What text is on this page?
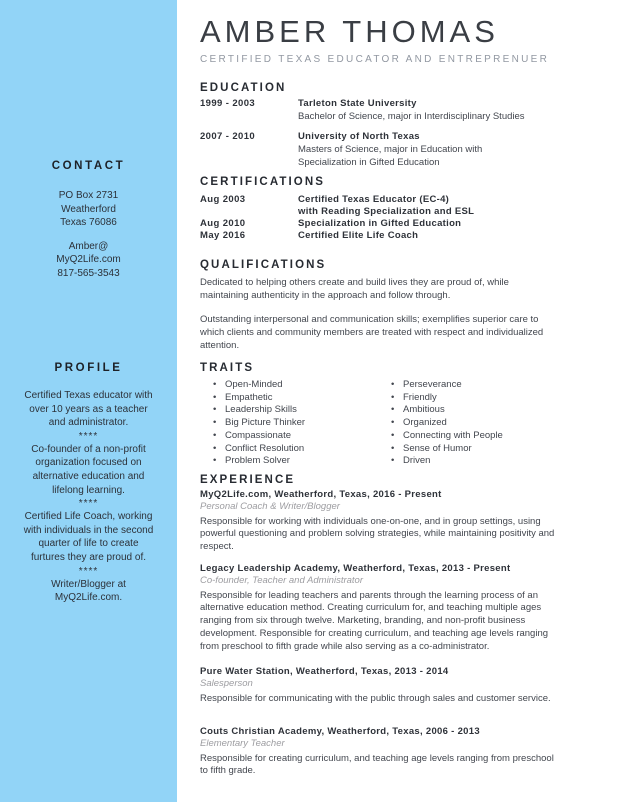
CONTACT
PO Box 2731
Weatherford
Texas 76086
Amber@
MyQ2Life.com
817-565-3543
PROFILE
Certified Texas educator with over 10 years as a teacher and administrator.
****
Co-founder of a non-profit organization focused on alternative education and lifelong learning.
****
Certified Life Coach, working with individuals in the second quarter of life to create furtures they are proud of.
****
Writer/Blogger at MyQ2Life.com.
AMBER THOMAS
CERTIFIED TEXAS EDUCATOR AND ENTREPRENUER
EDUCATION
1999 - 2003	Tarleton State University
Bachelor of Science, major in Interdisciplinary Studies
2007 - 2010	University of North Texas
Masters of Science, major in Education with
Specialization in Gifted Education
CERTIFICATIONS
Aug 2003	Certified Texas Educator (EC-4)
with Reading Specialization and ESL
Aug 2010	Specialization in Gifted Education
May 2016	Certified Elite Life Coach
QUALIFICATIONS
Dedicated to helping others create and build lives they are proud of, while maintaining authenticity in the approach and follow through.
Outstanding interpersonal and communication skills; exemplifies superior care to which clients and community members are treated with respect and individualized attention.
TRAITS
• Open-Minded
• Empathetic
• Leadership Skills
• Big Picture Thinker
• Compassionate
• Conflict Resolution
• Problem Solver
• Perseverance
• Friendly
• Ambitious
• Organized
• Connecting with People
• Sense of Humor
• Driven
EXPERIENCE
MyQ2Life.com, Weatherford, Texas, 2016 - Present
Personal Coach & Writer/Blogger
Responsible for working with individuals one-on-one, and in group settings, using powerful questioning and problem solving strategies, while maintaining positivity and respect.
Legacy Leadership Academy, Weatherford, Texas, 2013 - Present
Co-founder, Teacher and Administrator
Responsible for leading teachers and parents through the learning process of an alternative education method. Creating curriculum for, and teaching multiple ages ranging from six through twelve. Marketing, branding, and non-profit business development. Responsible for creating curriculum, and teaching age levels ranging from preschool to fifth grade while also serving as a co-administrator.
Pure Water Station, Weatherford, Texas, 2013 - 2014
Salesperson
Responsible for communicating with the public through sales and customer service.
Couts Christian Academy, Weatherford, Texas, 2006 - 2013
Elementary Teacher
Responsible for creating curriculum, and teaching age levels ranging from preschool to fifth grade.
